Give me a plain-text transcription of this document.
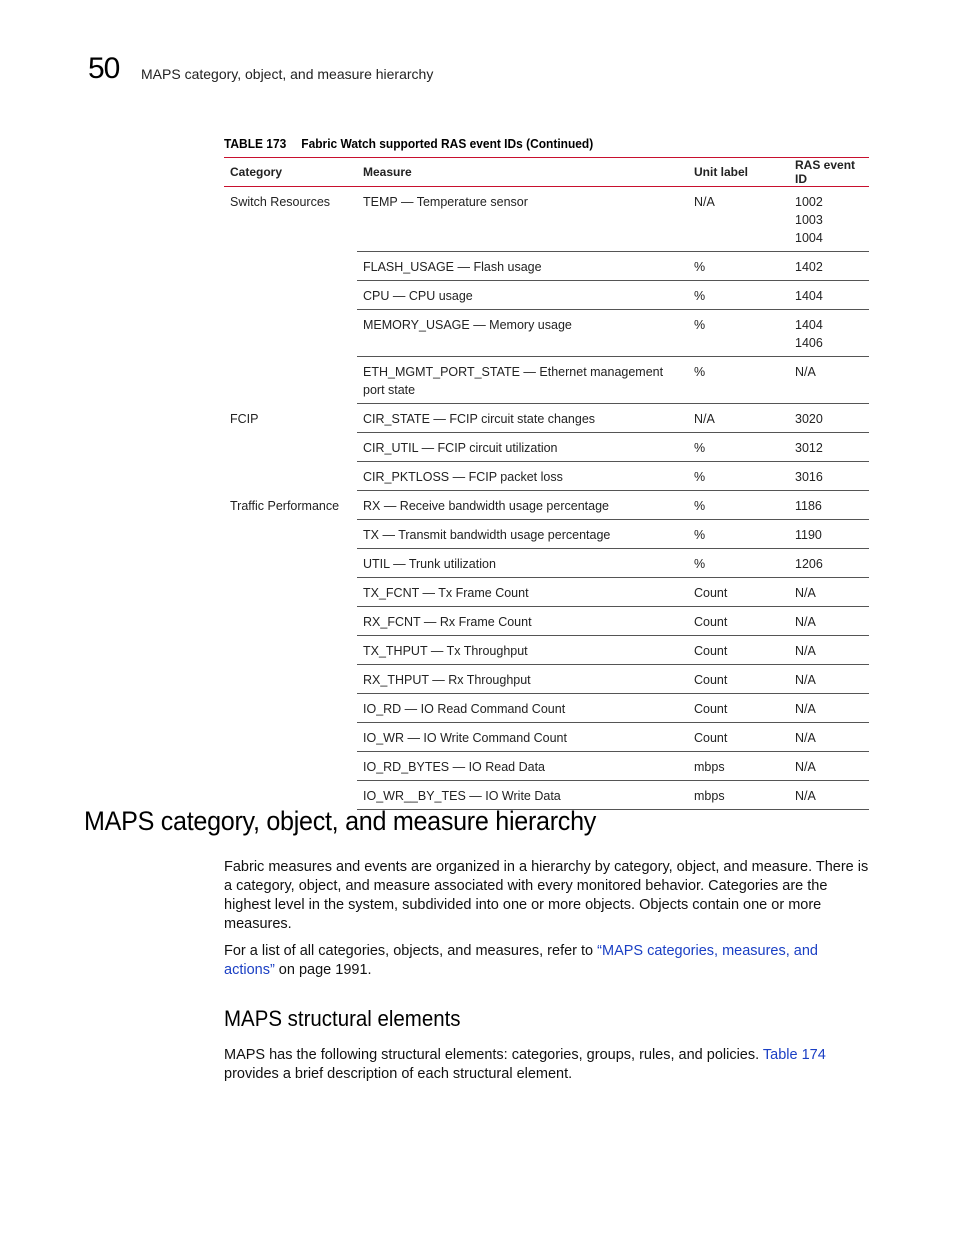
50 MAPS category, object, and measure hierarchy
TABLE 173 Fabric Watch supported RAS event IDs (Continued)
Category	Measure	Unit label	RAS event ID
Switch Resources	TEMP — Temperature sensor	N/A	1002
1003
1004

	FLASH_USAGE — Flash usage	%	1402

	CPU — CPU usage	%	1404

	MEMORY_USAGE — Memory usage	%	1404
1406

	ETH_MGMT_PORT_STATE — Ethernet management port state	%	N/A

FCIP	CIR_STATE — FCIP circuit state changes	N/A	3020

	CIR_UTIL — FCIP circuit utilization	%	3012

	CIR_PKTLOSS — FCIP packet loss	%	3016

Traffic Performance	RX — Receive bandwidth usage percentage	%	1186

	TX — Transmit bandwidth usage percentage	%	1190

	UTIL — Trunk utilization	%	1206

	TX_FCNT — Tx Frame Count	Count	N/A

	RX_FCNT — Rx Frame Count	Count	N/A

	TX_THPUT — Tx Throughput	Count	N/A

	RX_THPUT — Rx Throughput	Count	N/A

	IO_RD — IO Read Command Count	Count	N/A

	IO_WR — IO Write Command Count	Count	N/A

	IO_RD_BYTES — IO Read Data	mbps	N/A

	IO_WR__BY_TES — IO Write Data	mbps	N/A
MAPS category, object, and measure hierarchy

Fabric measures and events are organized in a hierarchy by category, object, and measure. There is a category, object, and measure associated with every monitored behavior. Categories are the highest level in the system, subdivided into one or more objects. Objects contain one or more measures.

For a list of all categories, objects, and measures, refer to “MAPS categories, measures, and actions” on page 1991.

MAPS structural elements

MAPS has the following structural elements: categories, groups, rules, and policies. Table 174 provides a brief description of each structural element.
